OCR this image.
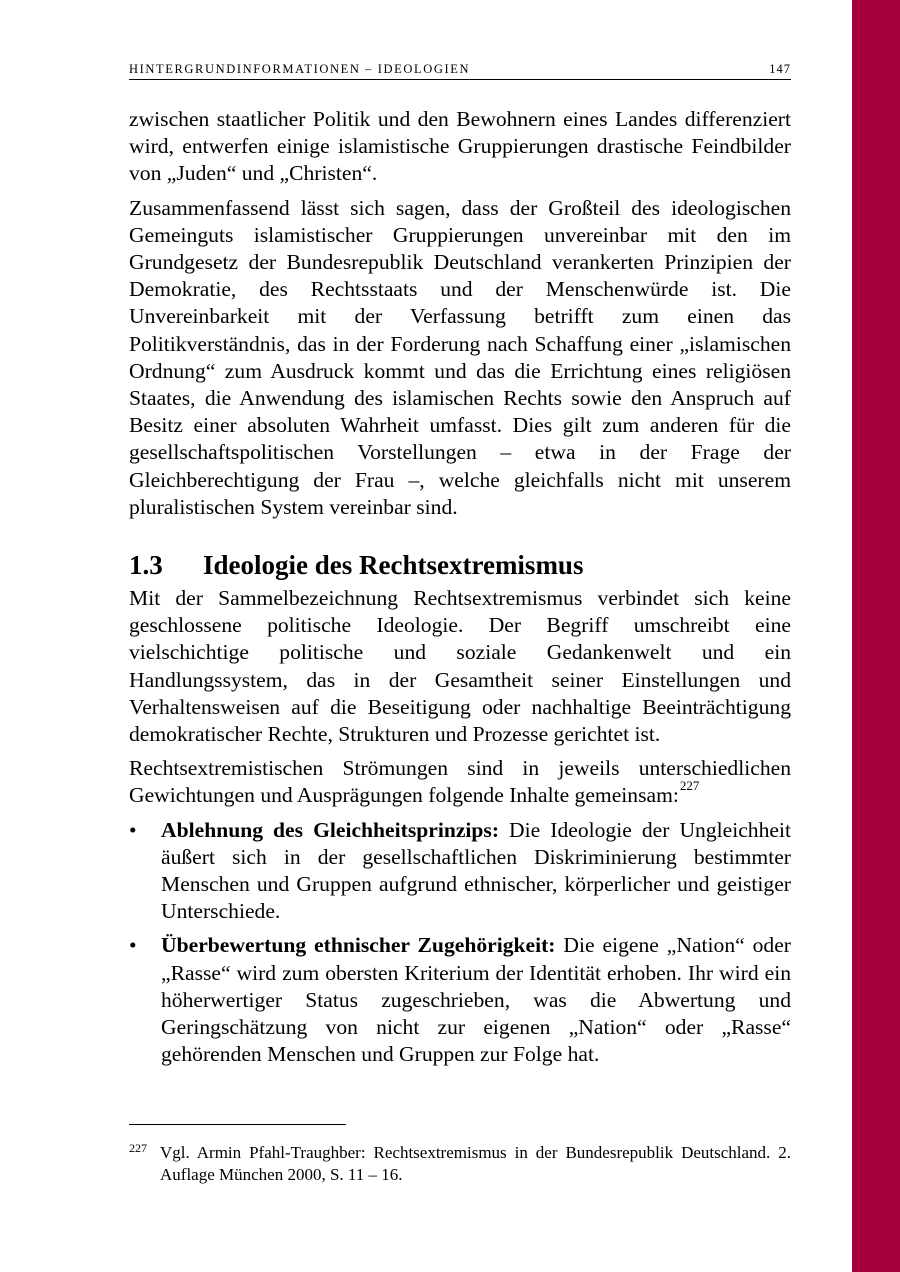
HINTERGRUNDINFORMATIONEN – IDEOLOGIEN	147

zwischen staatlicher Politik und den Bewohnern eines Landes differenziert wird, entwerfen einige islamistische Gruppierungen drastische Feindbilder von „Juden“ und „Christen“.

Zusammenfassend lässt sich sagen, dass der Großteil des ideologischen Gemeinguts islamistischer Gruppierungen unvereinbar mit den im Grundgesetz der Bundesrepublik Deutschland verankerten Prinzipien der Demokratie, des Rechtsstaats und der Menschenwürde ist. Die Unvereinbarkeit mit der Verfassung betrifft zum einen das Politikverständnis, das in der Forderung nach Schaffung einer „islamischen Ordnung“ zum Ausdruck kommt und das die Errichtung eines religiösen Staates, die Anwendung des islamischen Rechts sowie den Anspruch auf Besitz einer absoluten Wahrheit umfasst. Dies gilt zum anderen für die gesellschaftspolitischen Vorstellungen – etwa in der Frage der Gleichberechtigung der Frau –, welche gleichfalls nicht mit unserem pluralistischen System vereinbar sind.

1.3 Ideologie des Rechtsextremismus

Mit der Sammelbezeichnung Rechtsextremismus verbindet sich keine geschlossene politische Ideologie. Der Begriff umschreibt eine vielschichtige politische und soziale Gedankenwelt und ein Handlungssystem, das in der Gesamtheit seiner Einstellungen und Verhaltensweisen auf die Beseitigung oder nachhaltige Beeinträchtigung demokratischer Rechte, Strukturen und Prozesse gerichtet ist.

Rechtsextremistischen Strömungen sind in jeweils unterschiedlichen Gewichtungen und Ausprägungen folgende Inhalte gemeinsam:$^{227}$

• Ablehnung des Gleichheitsprinzips: Die Ideologie der Ungleichheit äußert sich in der gesellschaftlichen Diskriminierung bestimmter Menschen und Gruppen aufgrund ethnischer, körperlicher und geistiger Unterschiede.

• Überbewertung ethnischer Zugehörigkeit: Die eigene „Nation“ oder „Rasse“ wird zum obersten Kriterium der Identität erhoben. Ihr wird ein höherwertiger Status zugeschrieben, was die Abwertung und Geringschätzung von nicht zur eigenen „Nation“ oder „Rasse“ gehörenden Menschen und Gruppen zur Folge hat.

227 Vgl. Armin Pfahl-Traughber: Rechtsextremismus in der Bundesrepublik Deutschland. 2. Auflage München 2000, S. 11 – 16.
